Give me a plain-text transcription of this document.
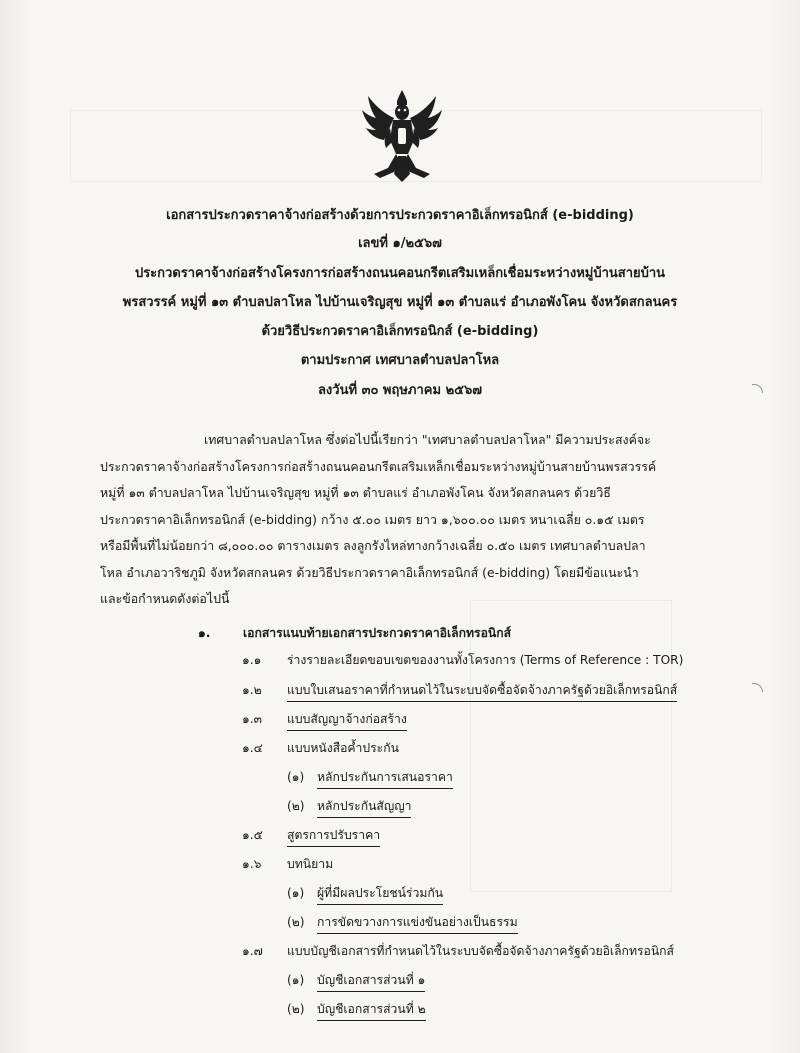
เอกสารประกวดราคาจ้างก่อสร้างด้วยการประกวดราคาอิเล็กทรอนิกส์ (e-bidding)
เลขที่ ๑/๒๕๖๗
ประกวดราคาจ้างก่อสร้างโครงการก่อสร้างถนนคอนกรีตเสริมเหล็กเชื่อมระหว่างหมู่บ้านสายบ้าน
พรสวรรค์ หมู่ที่ ๑๓ ตำบลปลาโหล ไปบ้านเจริญสุข หมู่ที่ ๑๓ ตำบลแร่ อำเภอพังโคน จังหวัดสกลนคร
ด้วยวิธีประกวดราคาอิเล็กทรอนิกส์ (e-bidding)
ตามประกาศ เทศบาลตำบลปลาโหล
ลงวันที่ ๓๐ พฤษภาคม ๒๕๖๗

เทศบาลตำบลปลาโหล ซึ่งต่อไปนี้เรียกว่า "เทศบาลตำบลปลาโหล" มีความประสงค์จะ

ประกวดราคาจ้างก่อสร้างโครงการก่อสร้างถนนคอนกรีตเสริมเหล็กเชื่อมระหว่างหมู่บ้านสายบ้านพรสวรรค์

หมู่ที่ ๑๓ ตำบลปลาโหล ไปบ้านเจริญสุข หมู่ที่ ๑๓ ตำบลแร่ อำเภอพังโคน จังหวัดสกลนคร ด้วยวิธี

ประกวดราคาอิเล็กทรอนิกส์ (e-bidding) กว้าง ๕.๐๐ เมตร ยาว ๑,๖๐๐.๐๐ เมตร หนาเฉลี่ย ๐.๑๕ เมตร

หรือมีพื้นที่ไม่น้อยกว่า ๘,๐๐๐.๐๐ ตารางเมตร ลงลูกรังไหล่ทางกว้างเฉลี่ย ๐.๕๐ เมตร เทศบาลตำบลปลา

โหล อำเภอวาริชภูมิ จังหวัดสกลนคร ด้วยวิธีประกวดราคาอิเล็กทรอนิกส์ (e-bidding) โดยมีข้อแนะนำ

และข้อกำหนดดังต่อไปนี้

๑.	เอกสารแนบท้ายเอกสารประกวดราคาอิเล็กทรอนิกส์
๑.๑	ร่างรายละเอียดขอบเขตของงานทั้งโครงการ (Terms of Reference : TOR)
๑.๒	แบบใบเสนอราคาที่กำหนดไว้ในระบบจัดซื้อจัดจ้างภาครัฐด้วยอิเล็กทรอนิกส์
๑.๓	แบบสัญญาจ้างก่อสร้าง
๑.๔	แบบหนังสือค้ำประกัน
(๑)	หลักประกันการเสนอราคา
(๒)	หลักประกันสัญญา
๑.๕	สูตรการปรับราคา
๑.๖	บทนิยาม
(๑)	ผู้ที่มีผลประโยชน์ร่วมกัน
(๒)	การขัดขวางการแข่งขันอย่างเป็นธรรม
๑.๗	แบบบัญชีเอกสารที่กำหนดไว้ในระบบจัดซื้อจัดจ้างภาครัฐด้วยอิเล็กทรอนิกส์
(๑)	บัญชีเอกสารส่วนที่ ๑
(๒)	บัญชีเอกสารส่วนที่ ๒
